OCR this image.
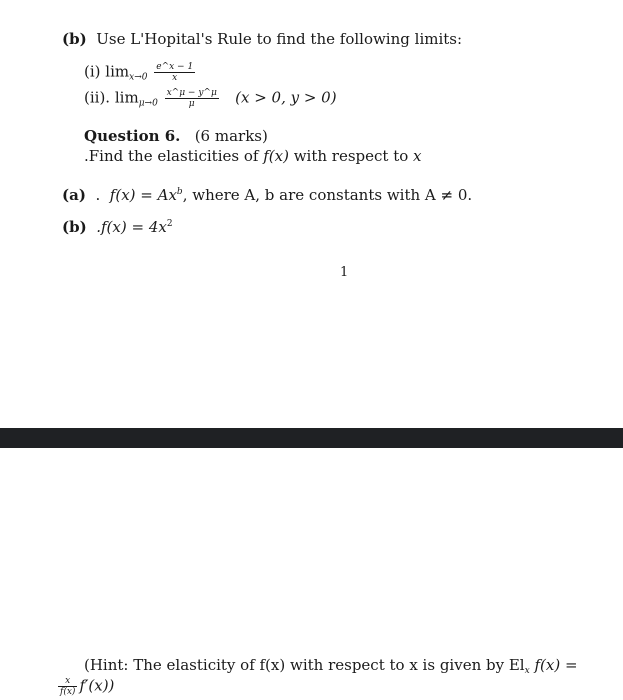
(b) Use L'Hopital's Rule to find the following limits:
(i) $\lim_{x\to 0} \frac{e\^{}x - 1}{x}$
(ii). $\lim_{\mu\to 0} \frac{x\^{}\mu - y\^{}\mu}{\mu} (x > 0$, y > 0)
Question 6. (6 marks)
.Find the elasticities of f(x) with respect to x
(a) . $f(x) = Ax^b$, where A, b are constants with A ≠ 0.
(b) $.f(x) = 4x^2$
1
(Hint: The elasticity of f(x) with respect to x is given by $El_x$ f(x) =
$\frac{x}{f(x)} f'(x)$)
